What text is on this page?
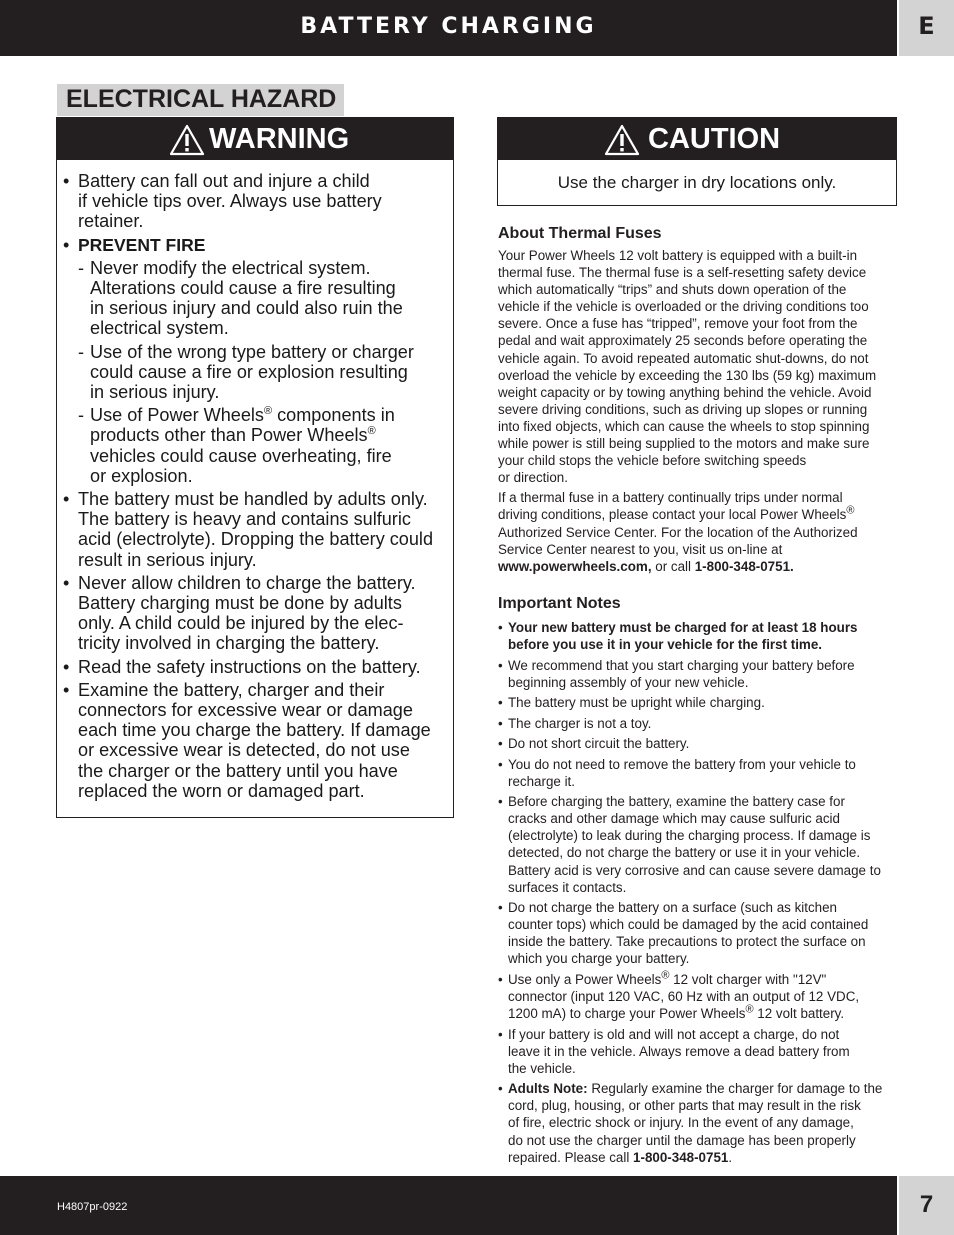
BATTERY CHARGING	E
ELECTRICAL HAZARD
WARNING
• Battery can fall out and injure a child
if vehicle tips over. Always use battery
retainer.
• PREVENT FIRE
- Never modify the electrical system.
Alterations could cause a fire resulting
in serious injury and could also ruin the
electrical system.
- Use of the wrong type battery or charger
could cause a fire or explosion resulting
in serious injury.
- Use of Power Wheels® components in
products other than Power Wheels®
vehicles could cause overheating, fire
or explosion.
• The battery must be handled by adults only.
The battery is heavy and contains sulfuric
acid (electrolyte). Dropping the battery could
result in serious injury.
• Never allow children to charge the battery.
Battery charging must be done by adults
only. A child could be injured by the elec-
tricity involved in charging the battery.
• Read the safety instructions on the battery.
• Examine the battery, charger and their
connectors for excessive wear or damage
each time you charge the battery. If damage
or excessive wear is detected, do not use
the charger or the battery until you have
replaced the worn or damaged part.
CAUTION
Use the charger in dry locations only.
About Thermal Fuses

Your Power Wheels 12 volt battery is equipped with a built-in

thermal fuse. The thermal fuse is a self-resetting safety device

which automatically “trips” and shuts down operation of the

vehicle if the vehicle is overloaded or the driving conditions too

severe. Once a fuse has “tripped”, remove your foot from the

pedal and wait approximately 25 seconds before operating the

vehicle again. To avoid repeated automatic shut-downs, do not

overload the vehicle by exceeding the 130 lbs (59 kg) maximum

weight capacity or by towing anything behind the vehicle. Avoid

severe driving conditions, such as driving up slopes or running

into fixed objects, which can cause the wheels to stop spinning

while power is still being supplied to the motors and make sure

your child stops the vehicle before switching speeds

or direction.

If a thermal fuse in a battery continually trips under normal

driving conditions, please contact your local Power Wheels®

Authorized Service Center. For the location of the Authorized

Service Center nearest to you, visit us on-line at

www.powerwheels.com, or call 1-800-348-0751.

Important Notes
• Your new battery must be charged for at least 18 hours
before you use it in your vehicle for the first time.
• We recommend that you start charging your battery before
beginning assembly of your new vehicle.
• The battery must be upright while charging.
• The charger is not a toy.
• Do not short circuit the battery.
• You do not need to remove the battery from your vehicle to
recharge it.
• Before charging the battery, examine the battery case for
cracks and other damage which may cause sulfuric acid
(electrolyte) to leak during the charging process. If damage is
detected, do not charge the battery or use it in your vehicle.
Battery acid is very corrosive and can cause severe damage to
surfaces it contacts.
• Do not charge the battery on a surface (such as kitchen
counter tops) which could be damaged by the acid contained
inside the battery. Take precautions to protect the surface on
which you charge your battery.
• Use only a Power Wheels® 12 volt charger with "12V"
connector (input 120 VAC, 60 Hz with an output of 12 VDC,
1200 mA) to charge your Power Wheels® 12 volt battery.
• If your battery is old and will not accept a charge, do not
leave it in the vehicle. Always remove a dead battery from
the vehicle.
• Adults Note: Regularly examine the charger for damage to the
cord, plug, housing, or other parts that may result in the risk
of fire, electric shock or injury. In the event of any damage,
do not use the charger until the damage has been properly
repaired. Please call 1-800-348-0751.
H4807pr-0922	7
